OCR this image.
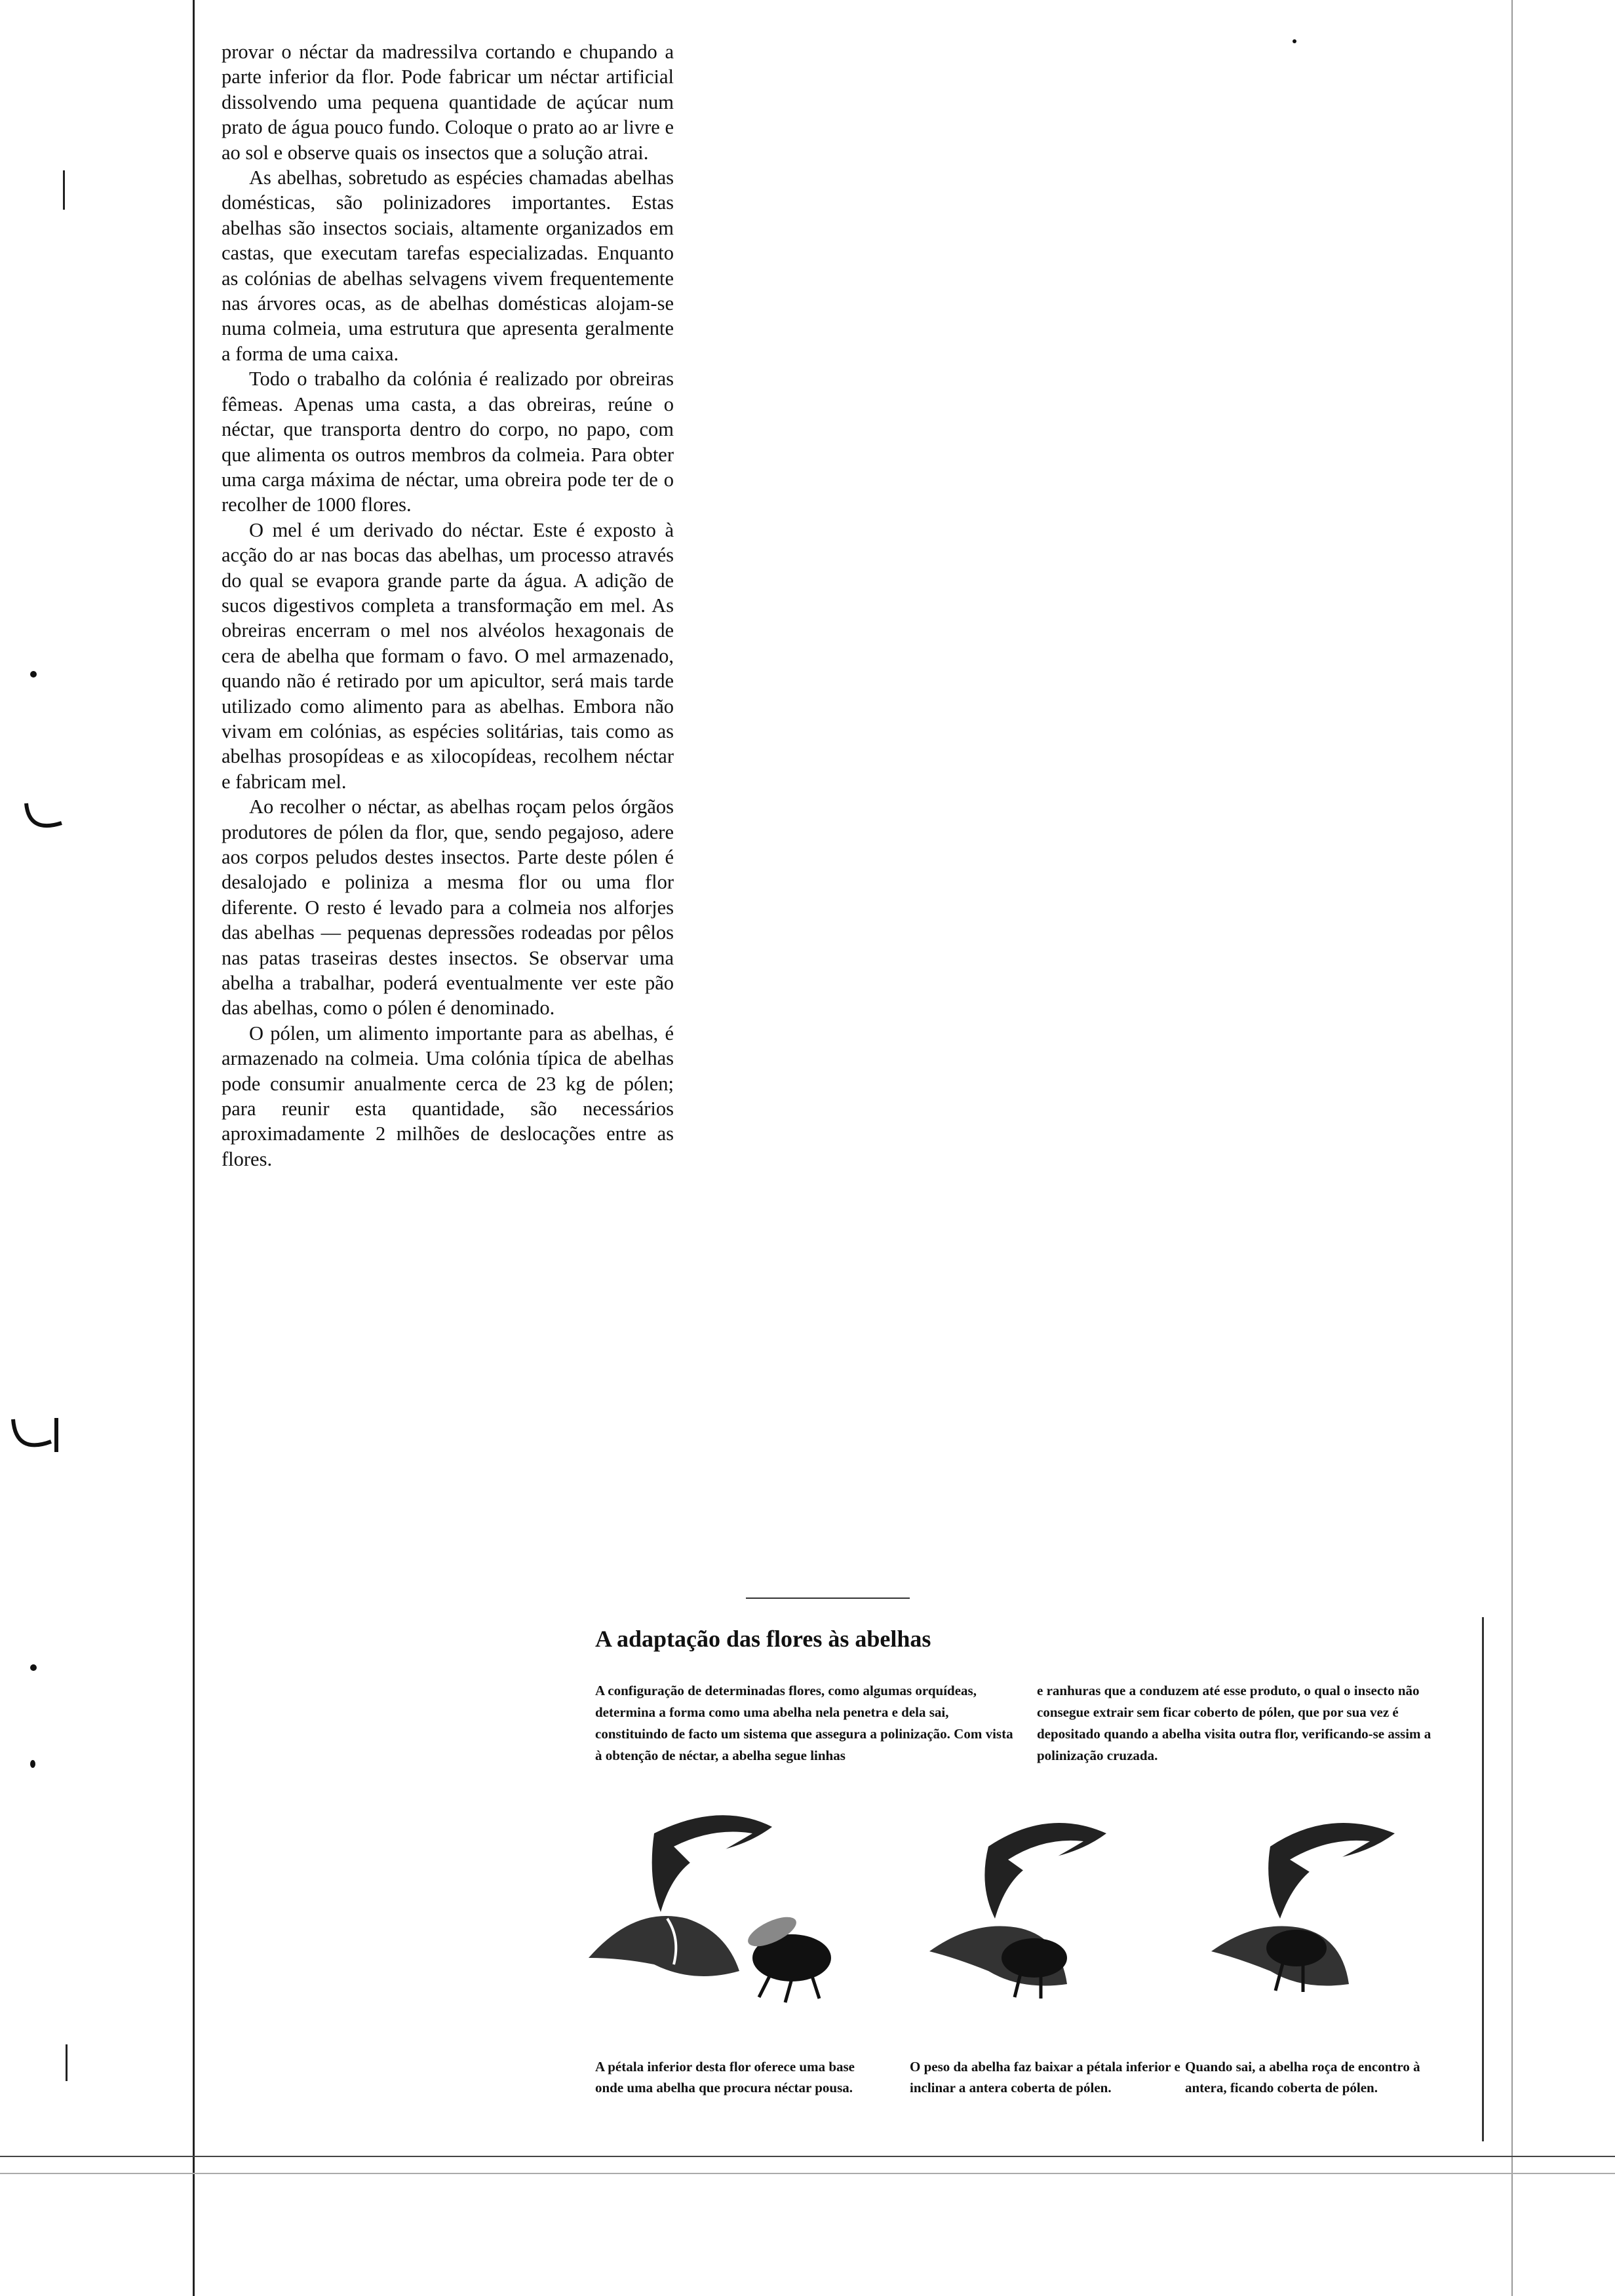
provar o néctar da madressilva cortando e chupando a parte inferior da flor. Pode fabricar um néctar artificial dissolvendo uma pequena quantidade de açúcar num prato de água pouco fundo. Coloque o prato ao ar livre e ao sol e observe quais os insectos que a solução atrai.

As abelhas, sobretudo as espécies chamadas abelhas domésticas, são polinizadores importantes. Estas abelhas são insectos sociais, altamente organizados em castas, que executam tarefas especializadas. Enquanto as colónias de abelhas selvagens vivem frequentemente nas árvores ocas, as de abelhas domésticas alojam-se numa colmeia, uma estrutura que apresenta geralmente a forma de uma caixa.

Todo o trabalho da colónia é realizado por obreiras fêmeas. Apenas uma casta, a das obreiras, reúne o néctar, que transporta dentro do corpo, no papo, com que alimenta os outros membros da colmeia. Para obter uma carga máxima de néctar, uma obreira pode ter de o recolher de 1000 flores.

O mel é um derivado do néctar. Este é exposto à acção do ar nas bocas das abelhas, um processo através do qual se evapora grande parte da água. A adição de sucos digestivos completa a transformação em mel. As obreiras encerram o mel nos alvéolos hexagonais de cera de abelha que formam o favo. O mel armazenado, quando não é retirado por um apicultor, será mais tarde utilizado como alimento para as abelhas. Embora não vivam em colónias, as espécies solitárias, tais como as abelhas prosopídeas e as xilocopídeas, recolhem néctar e fabricam mel.

Ao recolher o néctar, as abelhas roçam pelos órgãos produtores de pólen da flor, que, sendo pegajoso, adere aos corpos peludos destes insectos. Parte deste pólen é desalojado e poliniza a mesma flor ou uma flor diferente. O resto é levado para a colmeia nos alforjes das abelhas — pequenas depressões rodeadas por pêlos nas patas traseiras destes insectos. Se observar uma abelha a trabalhar, poderá eventualmente ver este pão das abelhas, como o pólen é denominado.

O pólen, um alimento importante para as abelhas, é armazenado na colmeia. Uma colónia típica de abelhas pode consumir anualmente cerca de 23 kg de pólen; para reunir esta quantidade, são necessários aproximadamente 2 milhões de deslocações entre as flores.

A adaptação das flores às abelhas
A configuração de determinadas flores, como algumas orquídeas, determina a forma como uma abelha nela penetra e dela sai, constituindo de facto um sistema que assegura a polinização. Com vista à obtenção de néctar, a abelha segue linhas
e ranhuras que a conduzem até esse produto, o qual o insecto não consegue extrair sem ficar coberto de pólen, que por sua vez é depositado quando a abelha visita outra flor, verificando-se assim a polinização cruzada.
A pétala inferior desta flor oferece uma base onde uma abelha que procura néctar pousa.
O peso da abelha faz baixar a pétala inferior e inclinar a antera coberta de pólen.
Quando sai, a abelha roça de encontro à antera, ficando coberta de pólen.
